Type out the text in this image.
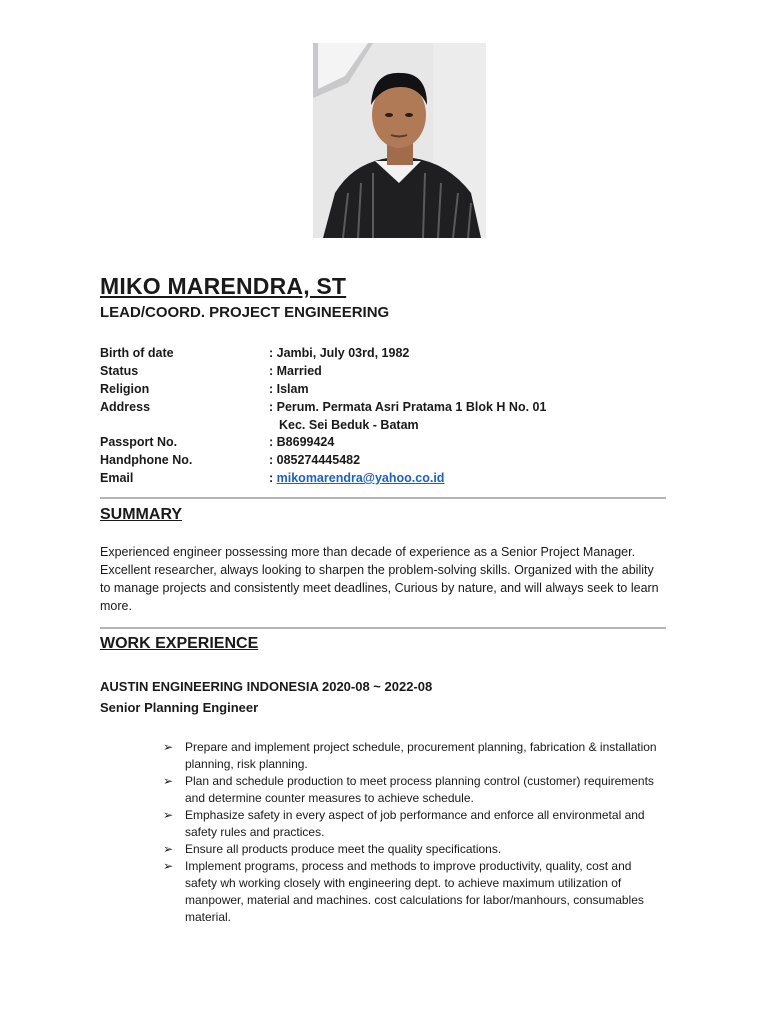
MIKO MARENDRA, ST
LEAD/COORD. PROJECT ENGINEERING
Birth of date	: Jambi, July 03rd, 1982
Status	: Married
Religion	: Islam
Address	: Perum. Permata Asri Pratama 1 Blok H No. 01
Kec. Sei Beduk - Batam
Passport No.	: B8699424
Handphone No.	: 085274445482
Email	: mikomarendra@yahoo.co.id
SUMMARY

Experienced engineer possessing more than decade of experience as a Senior Project Manager. Excellent researcher, always looking to sharpen the problem-solving skills. Organized with the ability to manage projects and consistently meet deadlines, Curious by nature, and will always seek to learn more.

WORK EXPERIENCE

AUSTIN ENGINEERING INDONESIA 2020-08 ~ 2022-08

Senior Planning Engineer

➢ Prepare and implement project schedule, procurement planning, fabrication & installation planning, risk planning.
➢ Plan and schedule production to meet process planning control (customer) requirements and determine counter measures to achieve schedule.
➢ Emphasize safety in every aspect of job performance and enforce all environmetal and safety rules and practices.
➢ Ensure all products produce meet the quality specifications.
➢ Implement programs, process and methods to improve productivity, quality, cost and safety wh working closely with engineering dept. to achieve maximum utilization of manpower, material and machines. cost calculations for labor/manhours, consumables material.
